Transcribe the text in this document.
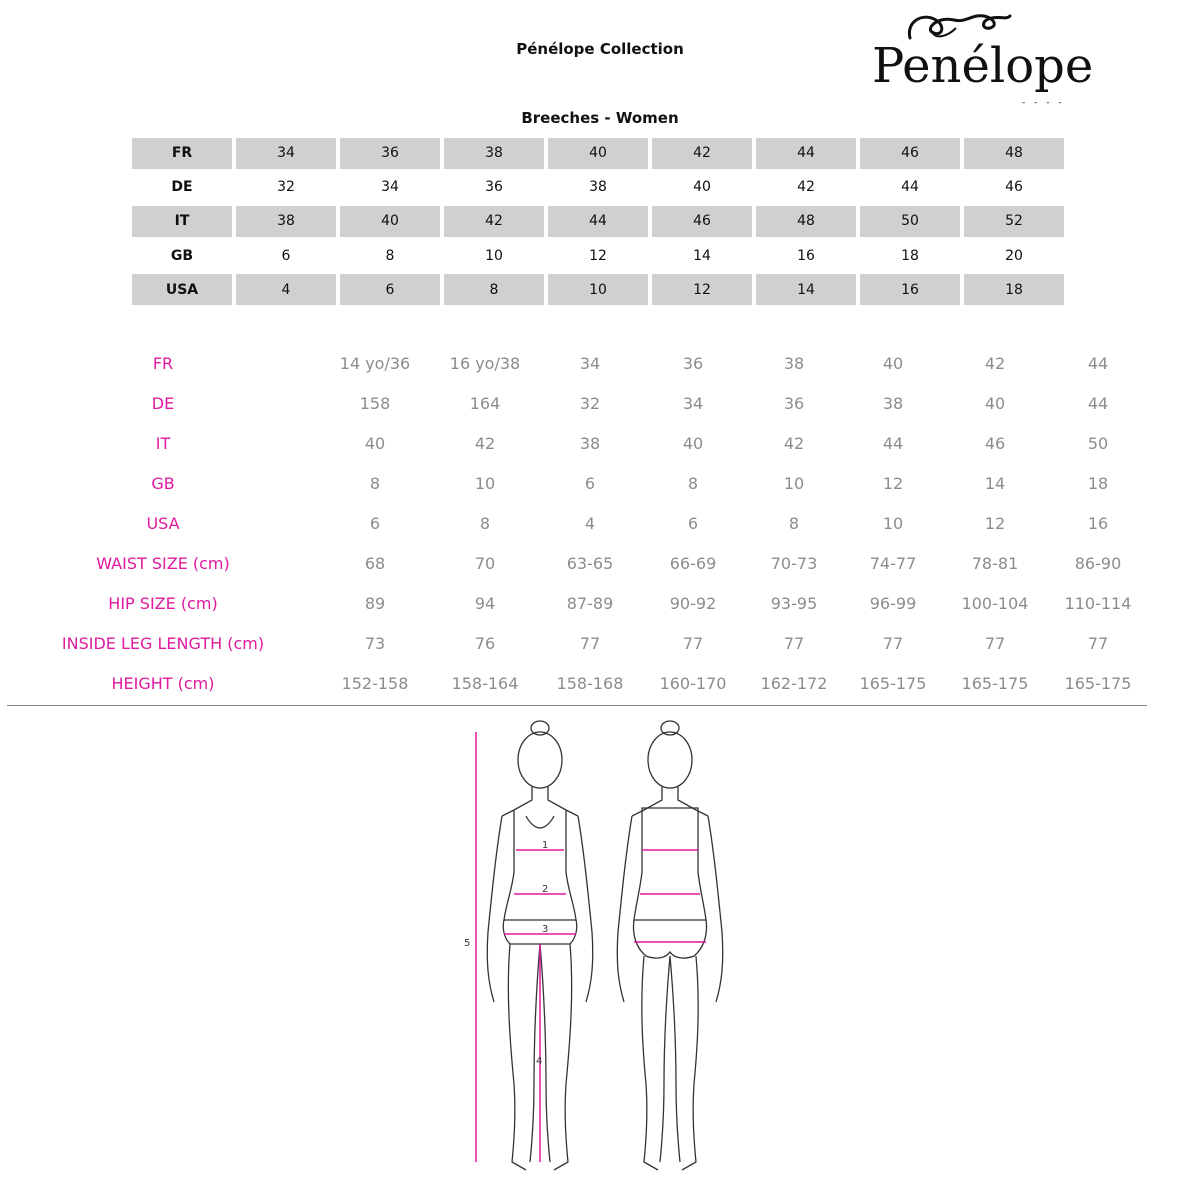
Pénélope Collection	Penélope
- - - -
Breeches - Women
FR	34	36	38	40	42	44	46	48
DE	32	34	36	38	40	42	44	46
IT	38	40	42	44	46	48	50	52
GB	6	8	10	12	14	16	18	20
USA	4	6	8	10	12	14	16	18
FR	14 yo/36	16 yo/38	34	36	38	40	42	44
DE	158	164	32	34	36	38	40	44
IT	40	42	38	40	42	44	46	50
GB	8	10	6	8	10	12	14	18
USA	6	8	4	6	8	10	12	16
WAIST SIZE (cm)	68	70	63-65	66-69	70-73	74-77	78-81	86-90
HIP SIZE (cm)	89	94	87-89	90-92	93-95	96-99	100-104	110-114
INSIDE LEG LENGTH (cm)	73	76	77	77	77	77	77	77
HEIGHT (cm)	152-158	158-164	158-168	160-170	162-172	165-175	165-175	165-175
1
2
3
4
5
